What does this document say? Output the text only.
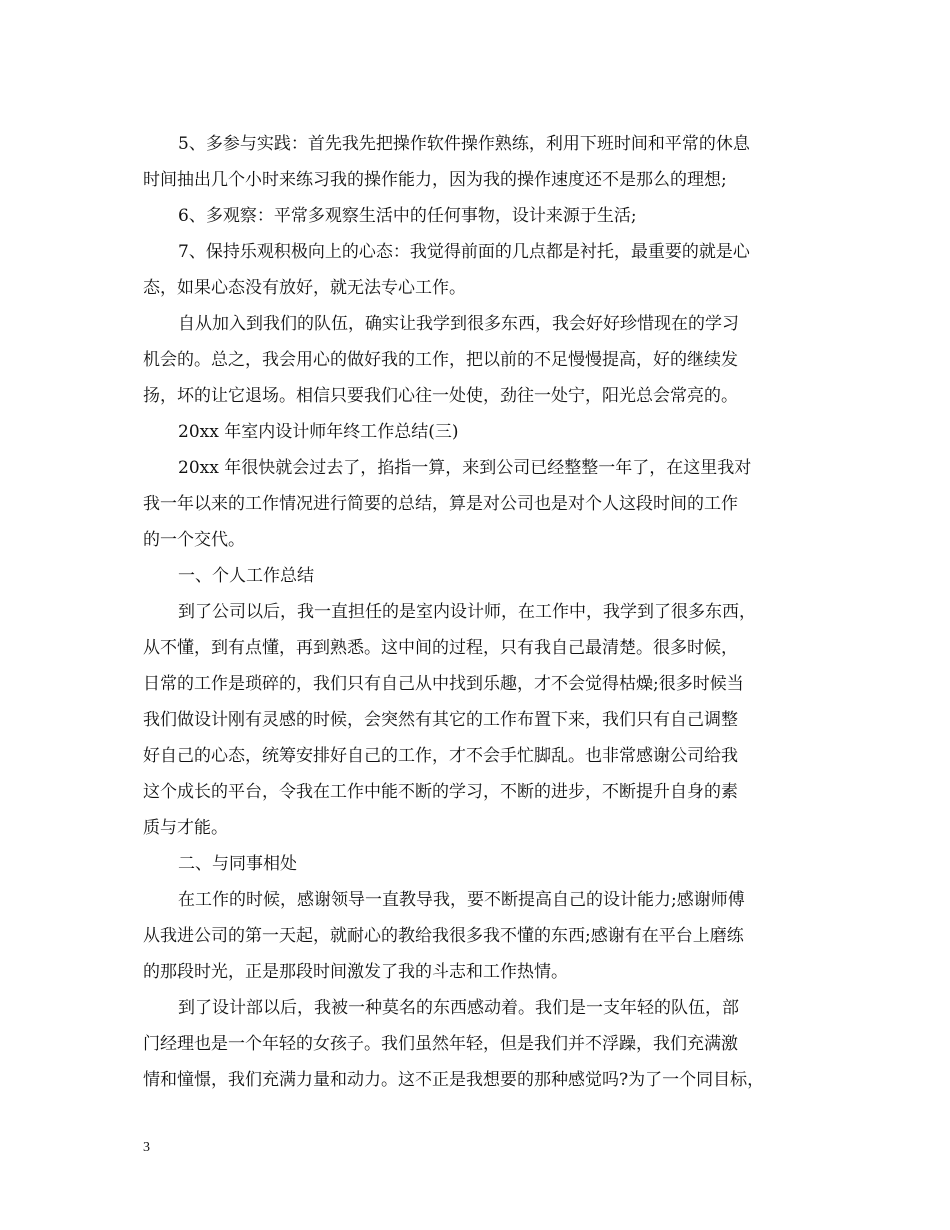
5、多参与实践：首先我先把操作软件操作熟练，利用下班时间和平常的休息
时间抽出几个小时来练习我的操作能力，因为我的操作速度还不是那么的理想;
6、多观察：平常多观察生活中的任何事物，设计来源于生活;
7、保持乐观积极向上的心态：我觉得前面的几点都是衬托，最重要的就是心
态，如果心态没有放好，就无法专心工作。
自从加入到我们的队伍，确实让我学到很多东西，我会好好珍惜现在的学习
机会的。总之，我会用心的做好我的工作，把以前的不足慢慢提高，好的继续发
扬，坏的让它退场。相信只要我们心往一处使，劲往一处宁，阳光总会常亮的。
20xx 年室内设计师年终工作总结(三)
20xx 年很快就会过去了，掐指一算，来到公司已经整整一年了，在这里我对
我一年以来的工作情况进行简要的总结，算是对公司也是对个人这段时间的工作
的一个交代。
一、个人工作总结
到了公司以后，我一直担任的是室内设计师，在工作中，我学到了很多东西，
从不懂，到有点懂，再到熟悉。这中间的过程，只有我自己最清楚。很多时候，
日常的工作是琐碎的，我们只有自己从中找到乐趣，才不会觉得枯燥;很多时候当
我们做设计刚有灵感的时候，会突然有其它的工作布置下来，我们只有自己调整
好自己的心态，统筹安排好自己的工作，才不会手忙脚乱。也非常感谢公司给我
这个成长的平台，令我在工作中能不断的学习，不断的进步，不断提升自身的素
质与才能。
二、与同事相处
在工作的时候，感谢领导一直教导我，要不断提高自己的设计能力;感谢师傅
从我进公司的第一天起，就耐心的教给我很多我不懂的东西;感谢有在平台上磨练
的那段时光，正是那段时间激发了我的斗志和工作热情。
到了设计部以后，我被一种莫名的东西感动着。我们是一支年轻的队伍，部
门经理也是一个年轻的女孩子。我们虽然年轻，但是我们并不浮躁，我们充满激
情和憧憬，我们充满力量和动力。这不正是我想要的那种感觉吗?为了一个同目标，
3
